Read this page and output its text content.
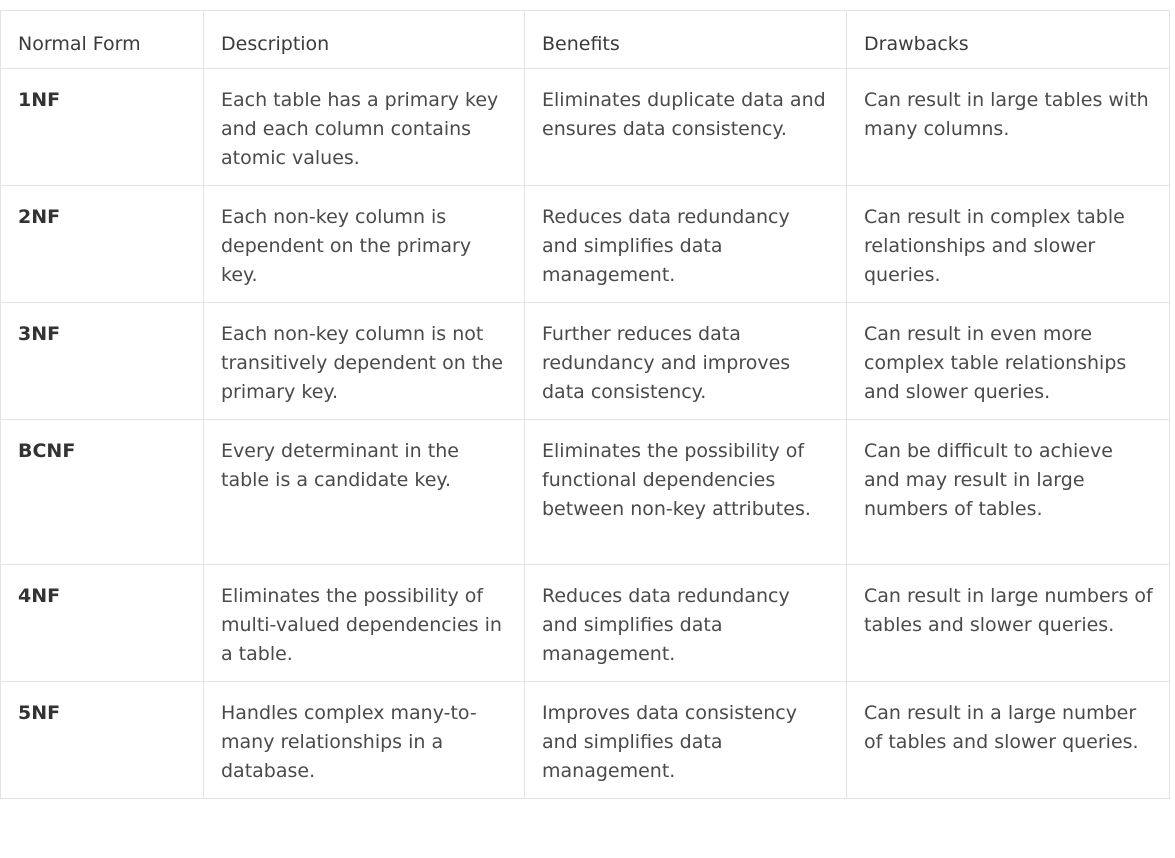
Normal Form	Description	Benefits	Drawbacks
1NF	Each table has a primary key and each column contains atomic values.	Eliminates duplicate data and ensures data consistency.	Can result in large tables with many columns.
2NF	Each non-key column is dependent on the primary key.	Reduces data redundancy and simplifies data management.	Can result in complex table relationships and slower queries.
3NF	Each non-key column is not transitively dependent on the primary key.	Further reduces data redundancy and improves data consistency.	Can result in even more complex table relationships and slower queries.
BCNF	Every determinant in the table is a candidate key.	Eliminates the possibility of functional dependencies between non-key attributes.	Can be difficult to achieve and may result in large numbers of tables.
4NF	Eliminates the possibility of multi-valued dependencies in a table.	Reduces data redundancy and simplifies data management.	Can result in large numbers of tables and slower queries.
5NF	Handles complex many-to-many relationships in a database.	Improves data consistency and simplifies data management.	Can result in a large number of tables and slower queries.
